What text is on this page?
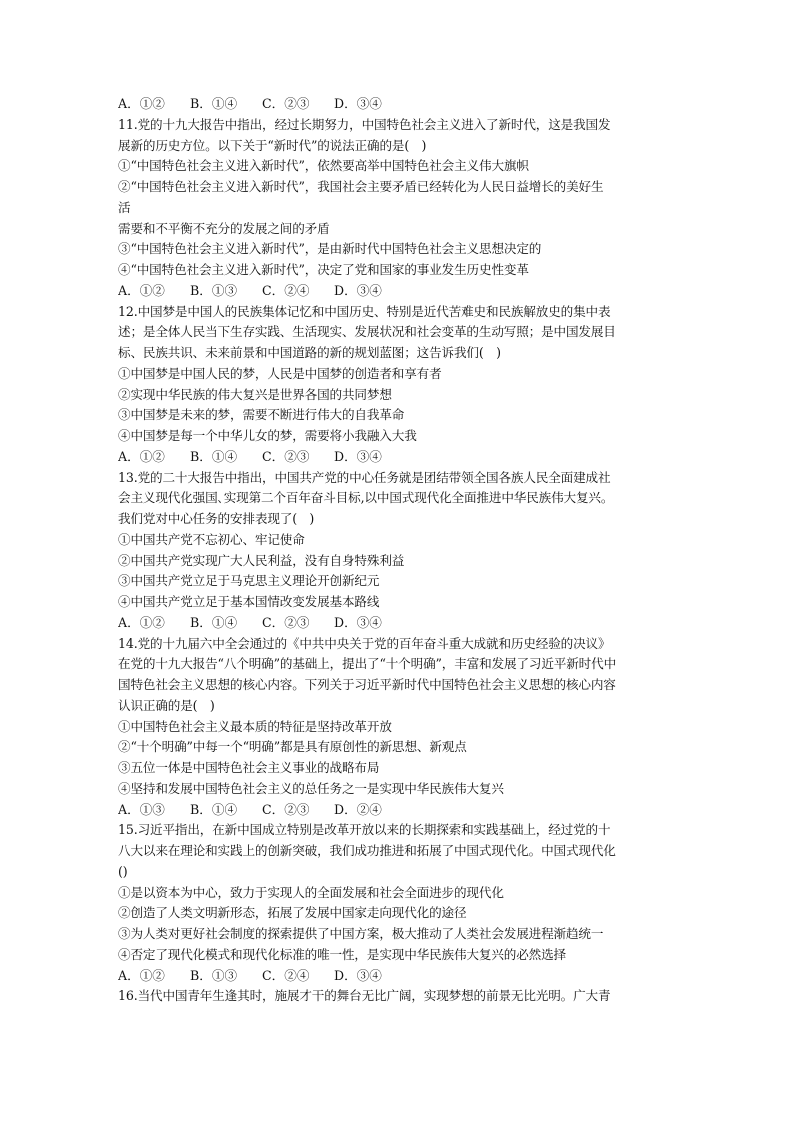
A．①② B．①④ C．②③ D．③④
11.党的十九大报告中指出，经过长期努力，中国特色社会主义进入了新时代，这是我国发
展新的历史方位。以下关于“新时代”的说法正确的是(　)
①“中国特色社会主义进入新时代”，依然要高举中国特色社会主义伟大旗帜
②“中国特色社会主义进入新时代”，我国社会主要矛盾已经转化为人民日益增长的美好生
活
需要和不平衡不充分的发展之间的矛盾
③“中国特色社会主义进入新时代”，是由新时代中国特色社会主义思想决定的
④“中国特色社会主义进入新时代”，决定了党和国家的事业发生历史性变革
A．①② B．①③ C．②④ D．③④
12.中国梦是中国人的民族集体记忆和中国历史、特别是近代苦难史和民族解放史的集中表
述；是全体人民当下生存实践、生活现实、发展状况和社会变革的生动写照；是中国发展目
标、民族共识、未来前景和中国道路的新的规划蓝图；这告诉我们(　)
①中国梦是中国人民的梦，人民是中国梦的创造者和享有者
②实现中华民族的伟大复兴是世界各国的共同梦想
③中国梦是未来的梦，需要不断进行伟大的自我革命
④中国梦是每一个中华儿女的梦，需要将小我融入大我
A．①② B．①④ C．②③ D．③④
13.党的二十大报告中指出，中国共产党的中心任务就是团结带领全国各族人民全面建成社
会主义现代化强国､实现第二个百年奋斗目标,以中国式现代化全面推进中华民族伟大复兴。
我们党对中心任务的安排表现了(　)
①中国共产党不忘初心、牢记使命
②中国共产党实现广大人民利益，没有自身特殊利益
③中国共产党立足于马克思主义理论开创新纪元
④中国共产党立足于基本国情改变发展基本路线
A．①② B．①④ C．②③ D．③④
14.党的十九届六中全会通过的《中共中央关于党的百年奋斗重大成就和历史经验的决议》
在党的十九大报告“八个明确”的基础上，提出了“十个明确”，丰富和发展了习近平新时代中
国特色社会主义思想的核心内容。下列关于习近平新时代中国特色社会主义思想的核心内容
认识正确的是(　)
①中国特色社会主义最本质的特征是坚持改革开放
②“十个明确”中每一个“明确”都是具有原创性的新思想、新观点
③五位一体是中国特色社会主义事业的战略布局
④坚持和发展中国特色社会主义的总任务之一是实现中华民族伟大复兴
A．①③ B．①④ C．②③ D．②④
15.习近平指出，在新中国成立特别是改革开放以来的长期探索和实践基础上，经过党的十
八大以来在理论和实践上的创新突破，我们成功推进和拓展了中国式现代化。中国式现代化
()
①是以资本为中心，致力于实现人的全面发展和社会全面进步的现代化
②创造了人类文明新形态，拓展了发展中国家走向现代化的途径
③为人类对更好社会制度的探索提供了中国方案，极大推动了人类社会发展进程渐趋统一
④否定了现代化模式和现代化标准的唯一性，是实现中华民族伟大复兴的必然选择
A．①② B．①③ C．②④ D．③④
16.当代中国青年生逢其时，施展才干的舞台无比广阔，实现梦想的前景无比光明。广大青
